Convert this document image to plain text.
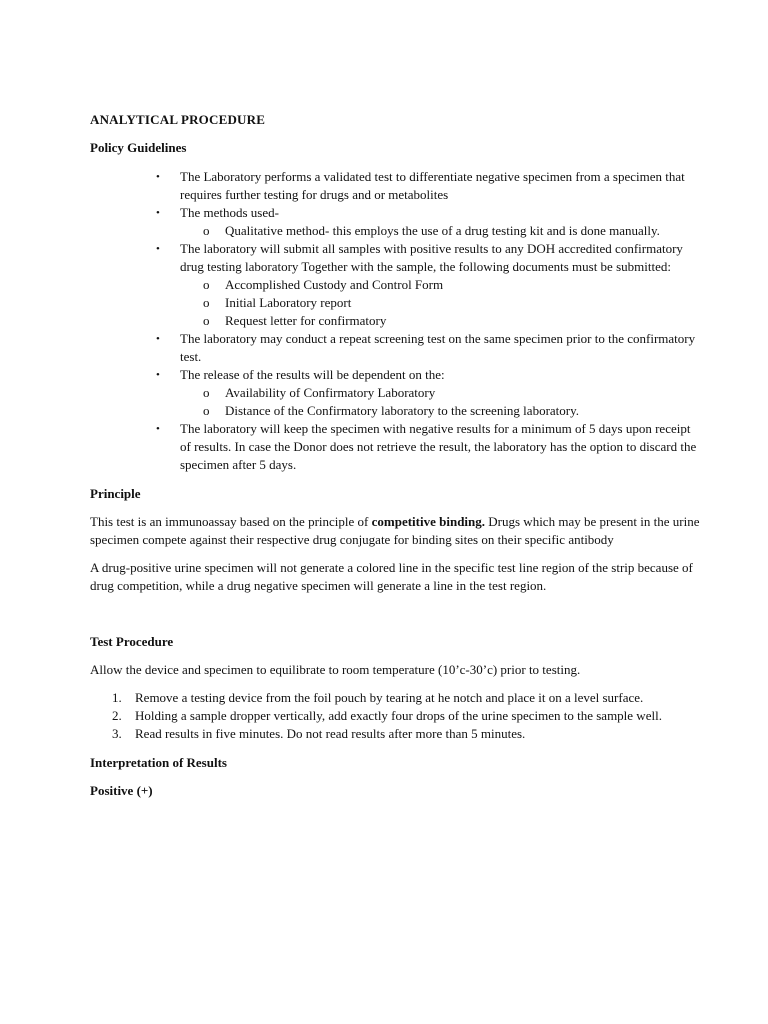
ANALYTICAL PROCEDURE

Policy Guidelines

• The Laboratory performs a validated test to differentiate negative specimen from a specimen that requires further testing for drugs and or metabolites
• The methods used-
o Qualitative method- this employs the use of a drug testing kit and is done manually.
• The laboratory will submit all samples with positive results to any DOH accredited confirmatory drug testing laboratory Together with the sample, the following documents must be submitted:
o Accomplished Custody and Control Form
o Initial Laboratory report
o Request letter for confirmatory
• The laboratory may conduct a repeat screening test on the same specimen prior to the confirmatory test.
• The release of the results will be dependent on the:
o Availability of Confirmatory Laboratory
o Distance of the Confirmatory laboratory to the screening laboratory.
• The laboratory will keep the specimen with negative results for a minimum of 5 days upon receipt of results. In case the Donor does not retrieve the result, the laboratory has the option to discard the specimen after 5 days.

Principle

This test is an immunoassay based on the principle of competitive binding. Drugs which may be present in the urine specimen compete against their respective drug conjugate for binding sites on their specific antibody

A drug-positive urine specimen will not generate a colored line in the specific test line region of the strip because of drug competition, while a drug negative specimen will generate a line in the test region.

Test Procedure

Allow the device and specimen to equilibrate to room temperature (10’c-30’c) prior to testing.

1. Remove a testing device from the foil pouch by tearing at he notch and place it on a level surface.
2. Holding a sample dropper vertically, add exactly four drops of the urine specimen to the sample well.
3. Read results in five minutes. Do not read results after more than 5 minutes.

Interpretation of Results

Positive (+)
